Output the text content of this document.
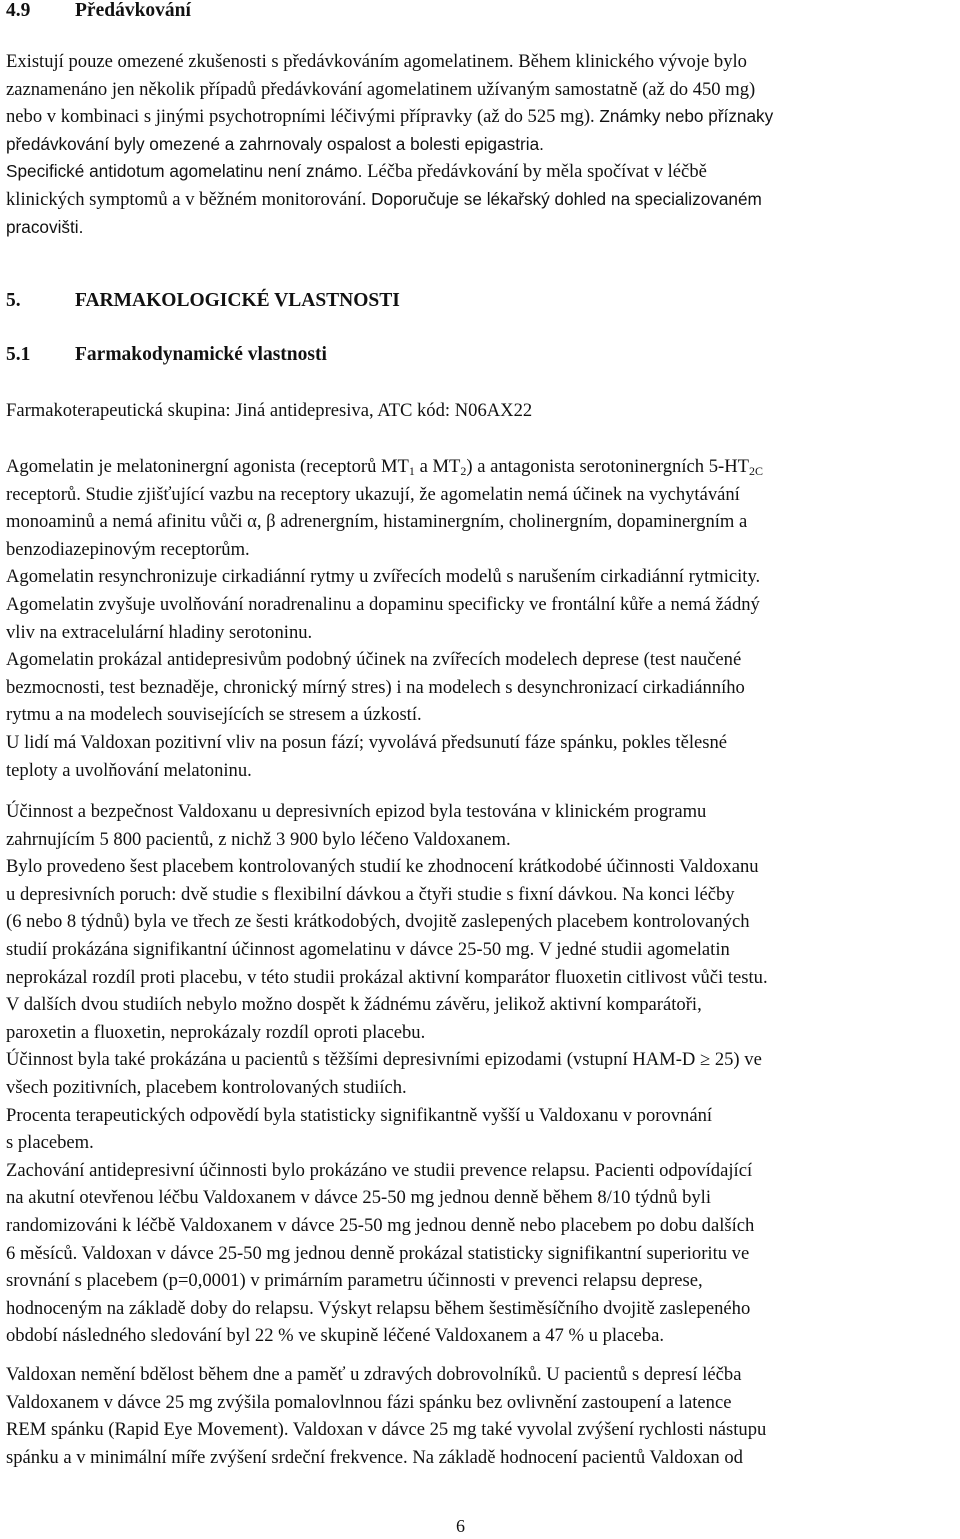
4.9 Předávkování
Existují pouze omezené zkušenosti s předávkováním agomelatinem. Během klinického vývoje bylo
zaznamenáno jen několik případů předávkování agomelatinem užívaným samostatně (až do 450 mg)
nebo v kombinaci s jinými psychotropními léčivými přípravky (až do 525 mg). Známky nebo příznaky
předávkování byly omezené a zahrnovaly ospalost a bolesti epigastria.
Specifické antidotum agomelatinu není známo. Léčba předávkování by měla spočívat v léčbě
klinických symptomů a v běžném monitorování. Doporučuje se lékařský dohled na specializovaném
pracovišti.
5.	FARMAKOLOGICKÉ VLASTNOSTI
5.1 Farmakodynamické vlastnosti
Farmakoterapeutická skupina: Jiná antidepresiva, ATC kód: N06AX22
Agomelatin je melatoninergní agonista (receptorů $MT_1$ a $MT_2$) a antagonista serotoninergních $5-HT_{2C}$
receptorů. Studie zjišťující vazbu na receptory ukazují, že agomelatin nemá účinek na vychytávání
monoaminů a nemá afinitu vůči α, β adrenergním, histaminergním, cholinergním, dopaminergním a
benzodiazepinovým receptorům.
Agomelatin resynchronizuje cirkadiánní rytmy u zvířecích modelů s narušením cirkadiánní rytmicity.
Agomelatin zvyšuje uvolňování noradrenalinu a dopaminu specificky ve frontální kůře a nemá žádný
vliv na extracelulární hladiny serotoninu.
Agomelatin prokázal antidepresivům podobný účinek na zvířecích modelech deprese (test naučené
bezmocnosti, test beznaděje, chronický mírný stres) i na modelech s desynchronizací cirkadiánního
rytmu a na modelech souvisejících se stresem a úzkostí.
U lidí má Valdoxan pozitivní vliv na posun fází; vyvolává předsunutí fáze spánku, pokles tělesné
teploty a uvolňování melatoninu.
Účinnost a bezpečnost Valdoxanu u depresivních epizod byla testována v klinickém programu
zahrnujícím 5 800 pacientů, z nichž 3 900 bylo léčeno Valdoxanem.
Bylo provedeno šest placebem kontrolovaných studií ke zhodnocení krátkodobé účinnosti Valdoxanu
u depresivních poruch: dvě studie s flexibilní dávkou a čtyři studie s fixní dávkou. Na konci léčby
(6 nebo 8 týdnů) byla ve třech ze šesti krátkodobých, dvojitě zaslepených placebem kontrolovaných
studií prokázána signifikantní účinnost agomelatinu v dávce 25-50 mg. V jedné studii agomelatin
neprokázal rozdíl proti placebu, v této studii prokázal aktivní komparátor fluoxetin citlivost vůči testu.
V dalších dvou studiích nebylo možno dospět k žádnému závěru, jelikož aktivní komparátoři,
paroxetin a fluoxetin, neprokázaly rozdíl oproti placebu.
Účinnost byla také prokázána u pacientů s těžšími depresivními epizodami (vstupní HAM-D ≥ 25) ve
všech pozitivních, placebem kontrolovaných studiích.
Procenta terapeutických odpovědí byla statisticky signifikantně vyšší u Valdoxanu v porovnání
s placebem.
Zachování antidepresivní účinnosti bylo prokázáno ve studii prevence relapsu. Pacienti odpovídající
na akutní otevřenou léčbu Valdoxanem v dávce 25-50 mg jednou denně během 8/10 týdnů byli
randomizováni k léčbě Valdoxanem v dávce 25-50 mg jednou denně nebo placebem po dobu dalších
6 měsíců. Valdoxan v dávce 25-50 mg jednou denně prokázal statisticky signifikantní superioritu ve
srovnání s placebem (p=0,0001) v primárním parametru účinnosti v prevenci relapsu deprese,
hodnoceným na základě doby do relapsu. Výskyt relapsu během šestiměsíčního dvojitě zaslepeného
období následného sledování byl 22 % ve skupině léčené Valdoxanem a 47 % u placeba.
Valdoxan nemění bdělost během dne a paměť u zdravých dobrovolníků. U pacientů s depresí léčba
Valdoxanem v dávce 25 mg zvýšila pomalovlnnou fázi spánku bez ovlivnění zastoupení a latence
REM spánku (Rapid Eye Movement). Valdoxan v dávce 25 mg také vyvolal zvýšení rychlosti nástupu
spánku a v minimální míře zvýšení srdeční frekvence. Na základě hodnocení pacientů Valdoxan od
6
